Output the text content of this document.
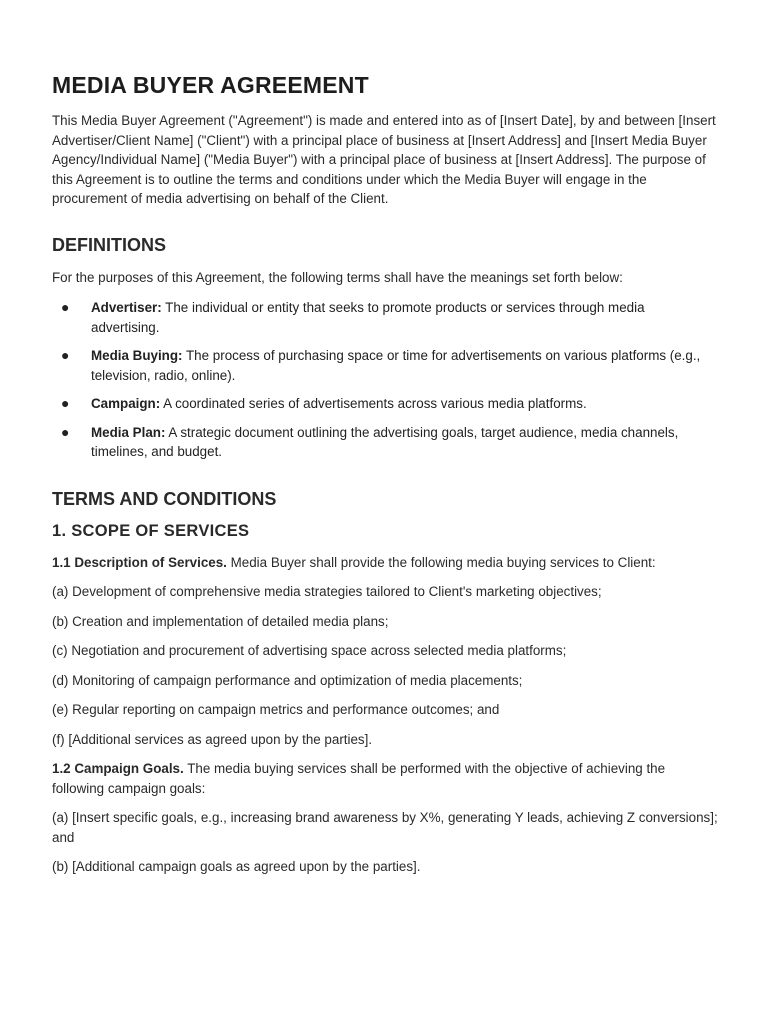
MEDIA BUYER AGREEMENT

This Media Buyer Agreement ("Agreement") is made and entered into as of [Insert Date], by and between [Insert Advertiser/Client Name] ("Client") with a principal place of business at [Insert Address] and [Insert Media Buyer Agency/Individual Name] ("Media Buyer") with a principal place of business at [Insert Address]. The purpose of this Agreement is to outline the terms and conditions under which the Media Buyer will engage in the procurement of media advertising on behalf of the Client.

DEFINITIONS

For the purposes of this Agreement, the following terms shall have the meanings set forth below:

● Advertiser: The individual or entity that seeks to promote products or services through media advertising.
● Media Buying: The process of purchasing space or time for advertisements on various platforms (e.g., television, radio, online).
● Campaign: A coordinated series of advertisements across various media platforms.
● Media Plan: A strategic document outlining the advertising goals, target audience, media channels, timelines, and budget.
TERMS AND CONDITIONS
1. SCOPE OF SERVICES

1.1 Description of Services. Media Buyer shall provide the following media buying services to Client:

(a) Development of comprehensive media strategies tailored to Client's marketing objectives;

(b) Creation and implementation of detailed media plans;

(c) Negotiation and procurement of advertising space across selected media platforms;

(d) Monitoring of campaign performance and optimization of media placements;

(e) Regular reporting on campaign metrics and performance outcomes; and

(f) [Additional services as agreed upon by the parties].

1.2 Campaign Goals. The media buying services shall be performed with the objective of achieving the following campaign goals:

(a) [Insert specific goals, e.g., increasing brand awareness by X%, generating Y leads, achieving Z conversions]; and

(b) [Additional campaign goals as agreed upon by the parties].
